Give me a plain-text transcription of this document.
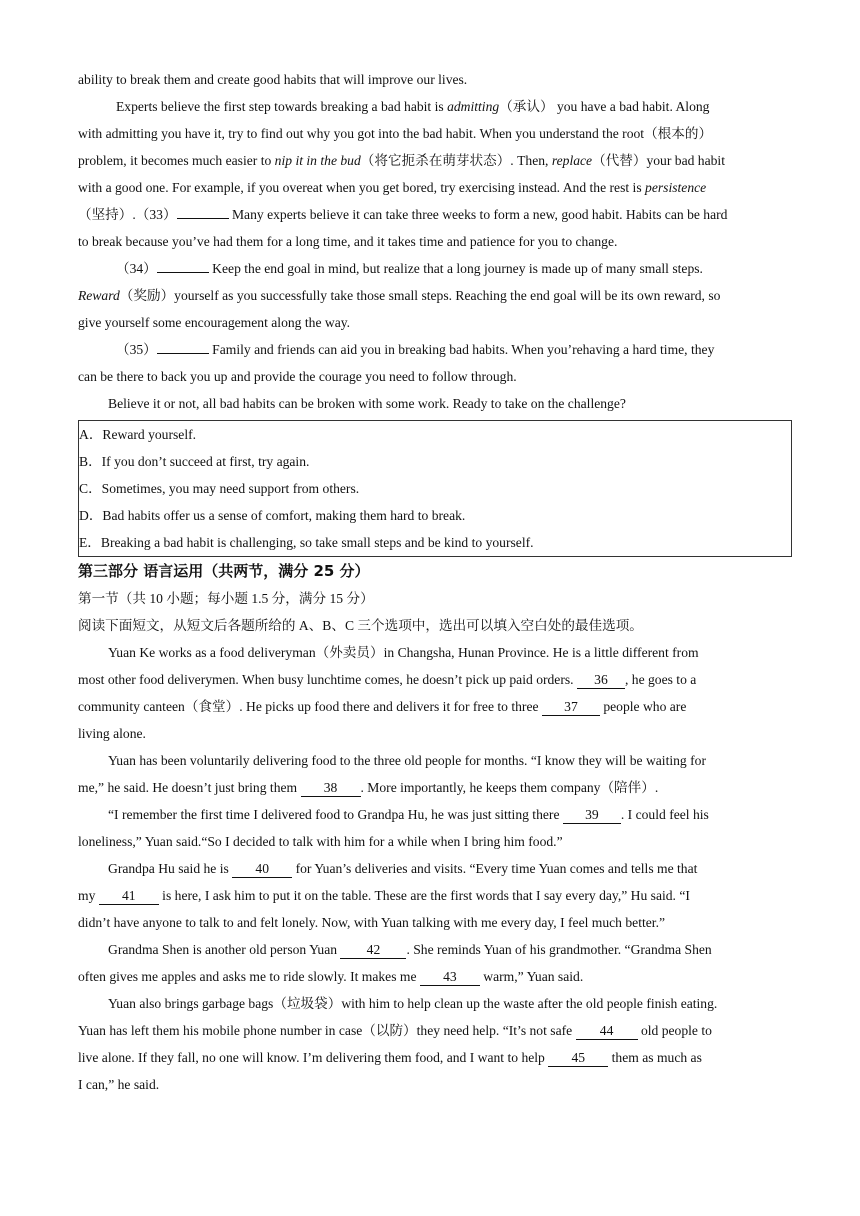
ability to break them and create good habits that will improve our lives.
Experts believe the first step towards breaking a bad habit is admitting（承认） you have a bad habit. Along
with admitting you have it, try to find out why you got into the bad habit. When you understand the root（根本的）
problem, it becomes much easier to nip it in the bud（将它扼杀在萌芽状态）. Then, replace（代替）your bad habit
with a good one. For example, if you overeat when you get bored, try exercising instead. And the rest is persistence
（坚持）.（33）	Many experts believe it can take three weeks to form a new, good habit. Habits can be hard
to break because you’ve had them for a long time, and it takes time and patience for you to change.
（34）	Keep the end goal in mind, but realize that a long journey is made up of many small steps.
Reward（奖励）yourself as you successfully take those small steps. Reaching the end goal will be its own reward, so
give yourself some encouragement along the way.
（35）	Family and friends can aid you in breaking bad habits. When you’rehaving a hard time, they
can be there to back you up and provide the courage you need to follow through.
Believe it or not, all bad habits can be broken with some work. Ready to take on the challenge?
A．Reward yourself.
B．If you don’t succeed at first, try again.
C．Sometimes, you may need support from others.
D．Bad habits offer us a sense of comfort, making them hard to break.
E．Breaking a bad habit is challenging, so take small steps and be kind to yourself.
第三部分 语言运用（共两节，满分 25 分）
第一节（共 10 小题；每小题 1.5 分，满分 15 分）
阅读下面短文，从短文后各题所给的 A、B、C 三个选项中，选出可以填入空白处的最佳选项。
Yuan Ke works as a food deliveryman（外卖员）in Changsha, Hunan Province. He is a little different from
most other food deliverymen. When busy lunchtime comes, he doesn’t pick up paid orders. 36 , he goes to a
community canteen（食堂）. He picks up food there and delivers it for free to three 37 people who are
living alone.
Yuan has been voluntarily delivering food to the three old people for months. “I know they will be waiting for
me,” he said. He doesn’t just bring them 38 . More importantly, he keeps them company（陪伴）.
“I remember the first time I delivered food to Grandpa Hu, he was just sitting there 39 . I could feel his
loneliness,” Yuan said.“So I decided to talk with him for a while when I bring him food.”
Grandpa Hu said he is 40 for Yuan’s deliveries and visits. “Every time Yuan comes and tells me that
my 41 is here, I ask him to put it on the table. These are the first words that I say every day,” Hu said. “I
didn’t have anyone to talk to and felt lonely. Now, with Yuan talking with me every day, I feel much better.”
Grandma Shen is another old person Yuan 42 . She reminds Yuan of his grandmother. “Grandma Shen
often gives me apples and asks me to ride slowly. It makes me 43 warm,” Yuan said.
Yuan also brings garbage bags（垃圾袋）with him to help clean up the waste after the old people finish eating.
Yuan has left them his mobile phone number in case（以防）they need help. “It’s not safe 44 old people to
live alone. If they fall, no one will know. I’m delivering them food, and I want to help 45 them as much as
I can,” he said.
